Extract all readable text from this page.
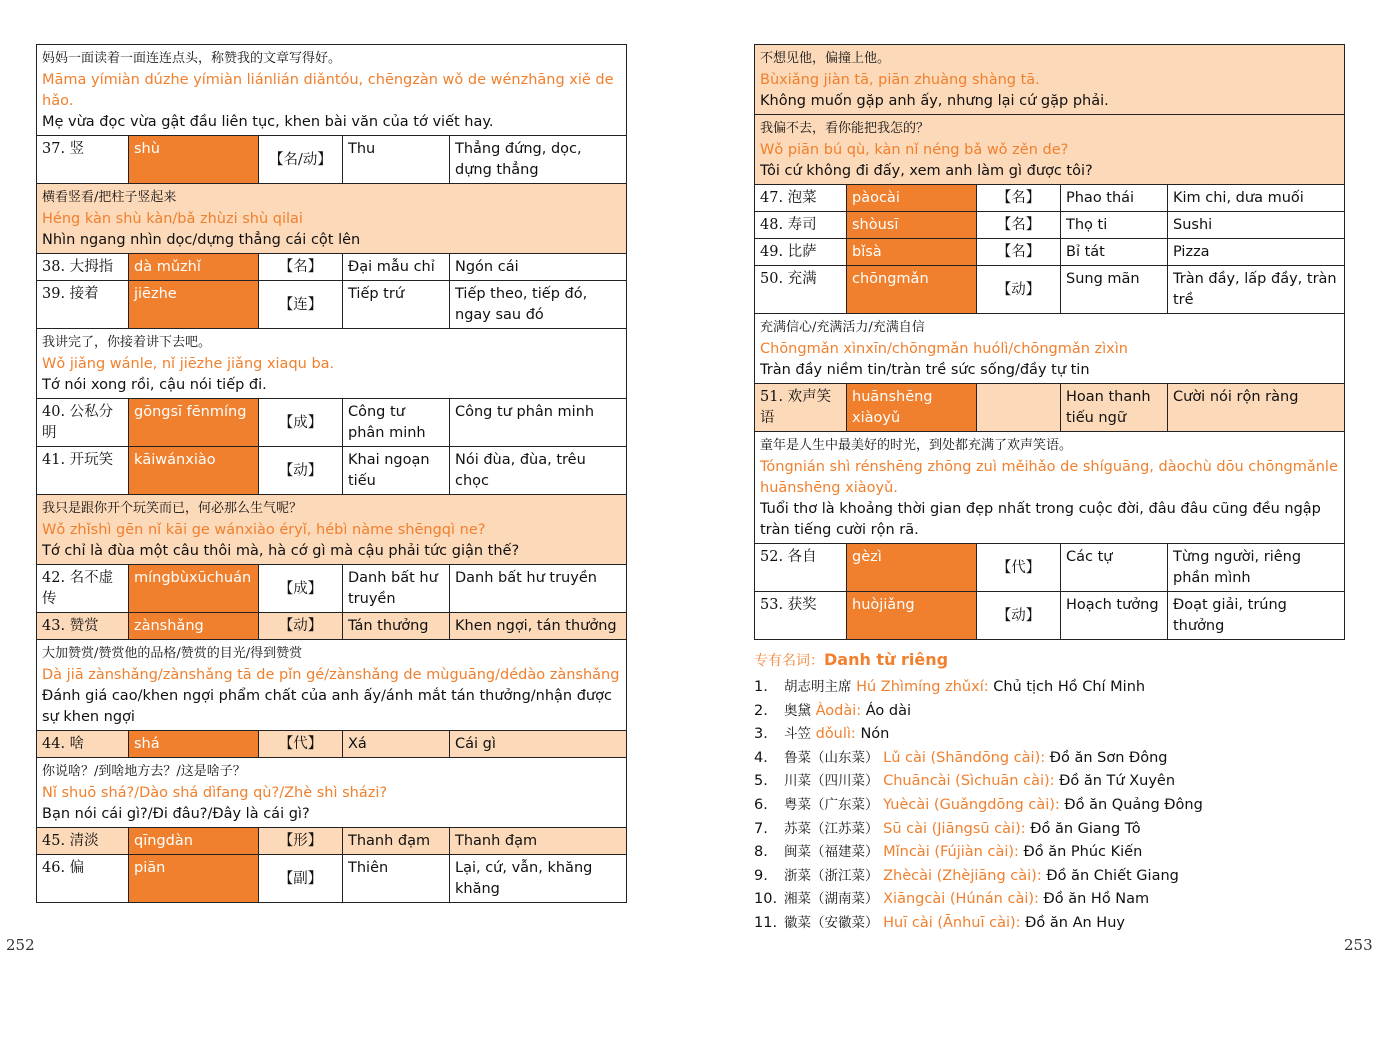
妈妈一面读着一面连连点头，称赞我的文章写得好。
Māma yímiàn dúzhe yímiàn liánlián diǎntóu, chēngzàn wǒ de wénzhāng xiě de hǎo.
Mẹ vừa đọc vừa gật đầu liên tục, khen bài văn của tớ viết hay.				

37. 竖	shù	【名/动】	Thu	Thẳng đứng, dọc, dựng thẳng

横看竖看/把柱子竖起来
Héng kàn shù kàn/bǎ zhùzi shù qilai
Nhìn ngang nhìn dọc/dựng thẳng cái cột lên				

38. 大拇指	dà mǔzhǐ	【名】	Đại mẫu chỉ	Ngón cái
39. 接着	jiēzhe	【连】	Tiếp trứ	Tiếp theo, tiếp đó, ngay sau đó

我讲完了，你接着讲下去吧。
Wǒ jiǎng wánle, nǐ jiēzhe jiǎng xiaqu ba.
Tớ nói xong rồi, cậu nói tiếp đi.				

40. 公私分明	gōngsī fēnmíng	【成】	Công tư phân minh	Công tư phân minh
41. 开玩笑	kāiwánxiào	【动】	Khai ngoạn tiếu	Nói đùa, đùa, trêu chọc

我只是跟你开个玩笑而已，何必那么生气呢？
Wǒ zhǐshì gēn nǐ kāi ge wánxiào éryǐ, hébì nàme shēngqì ne?
Tớ chỉ là đùa một câu thôi mà, hà cớ gì mà cậu phải tức giận thế?				

42. 名不虚传	míngbùxūchuán	【成】	Danh bất hư truyền	Danh bất hư truyền
43. 赞赏	zànshǎng	【动】	Tán thưởng	Khen ngợi, tán thưởng

大加赞赏/赞赏他的品格/赞赏的目光/得到赞赏
Dà jiā zànshǎng/zànshǎng tā de pǐn gé/zànshǎng de mùguāng/dédào zànshǎng
Đánh giá cao/khen ngợi phẩm chất của anh ấy/ánh mắt tán thưởng/nhận được sự khen ngợi				

44. 啥	shá	【代】	Xá	Cái gì

你说啥？/到啥地方去？/这是啥子？
Nǐ shuō shá?/Dào shá dìfang qù?/Zhè shì sházi?
Bạn nói cái gì?/Đi đâu?/Đây là cái gì?				

45. 清淡	qīngdàn	【形】	Thanh đạm	Thanh đạm
46. 偏	piān	【副】	Thiên	Lại, cứ, vẫn, khăng khăng
252
不想见他，偏撞上他。
Bùxiǎng jiàn tā, piān zhuàng shàng tā.
Không muốn gặp anh ấy, nhưng lại cứ gặp phải.				

我偏不去，看你能把我怎的？
Wǒ piān bú qù, kàn nǐ néng bǎ wǒ zěn de?
Tôi cứ không đi đấy, xem anh làm gì được tôi?				

47. 泡菜	pàocài	【名】	Phao thái	Kim chi, dưa muối
48. 寿司	shòusī	【名】	Thọ ti	Sushi
49. 比萨	bǐsà	【名】	Bỉ tát	Pizza
50. 充满	chōngmǎn	【动】	Sung mãn	Tràn đầy, lấp đầy, tràn trề

充满信心/充满活力/充满自信
Chōngmǎn xìnxīn/chōngmǎn huólì/chōngmǎn zìxìn
Tràn đầy niềm tin/tràn trề sức sống/đầy tự tin				

51. 欢声笑语	huānshēng xiàoyǔ		Hoan thanh tiếu ngữ	Cười nói rộn ràng

童年是人生中最美好的时光，到处都充满了欢声笑语。
Tóngnián shì rénshēng zhōng zuì měihǎo de shíguāng, dàochù dōu chōngmǎnle huānshēng xiàoyǔ.
Tuổi thơ là khoảng thời gian đẹp nhất trong cuộc đời, đâu đâu cũng đều ngập tràn tiếng cười rộn rã.				

52. 各自	gèzì	【代】	Các tự	Từng người, riêng phần mình
53. 获奖	huòjiǎng	【动】	Hoạch tưởng	Đoạt giải, trúng thưởng
专有名词：Danh từ riêng
1. 胡志明主席 Hú Zhìmíng zhǔxí: Chủ tịch Hồ Chí Minh
2. 奥黛 Àodài: Áo dài
3. 斗笠 dǒulì: Nón
4. 鲁菜（山东菜） Lǔ cài (Shāndōng cài): Đồ ăn Sơn Đông
5. 川菜（四川菜） Chuāncài (Sìchuān cài): Đồ ăn Tứ Xuyên
6. 粤菜（广东菜） Yuècài (Guǎngdōng cài): Đồ ăn Quảng Đông
7. 苏菜（江苏菜） Sū cài (Jiāngsū cài): Đồ ăn Giang Tô
8. 闽菜（福建菜） Mǐncài (Fújiàn cài): Đồ ăn Phúc Kiến
9. 浙菜（浙江菜） Zhècài (Zhèjiāng cài): Đồ ăn Chiết Giang
10. 湘菜（湖南菜） Xiāngcài (Húnán cài): Đồ ăn Hồ Nam
11. 徽菜（安徽菜） Huī cài (Ānhuī cài): Đồ ăn An Huy
253
